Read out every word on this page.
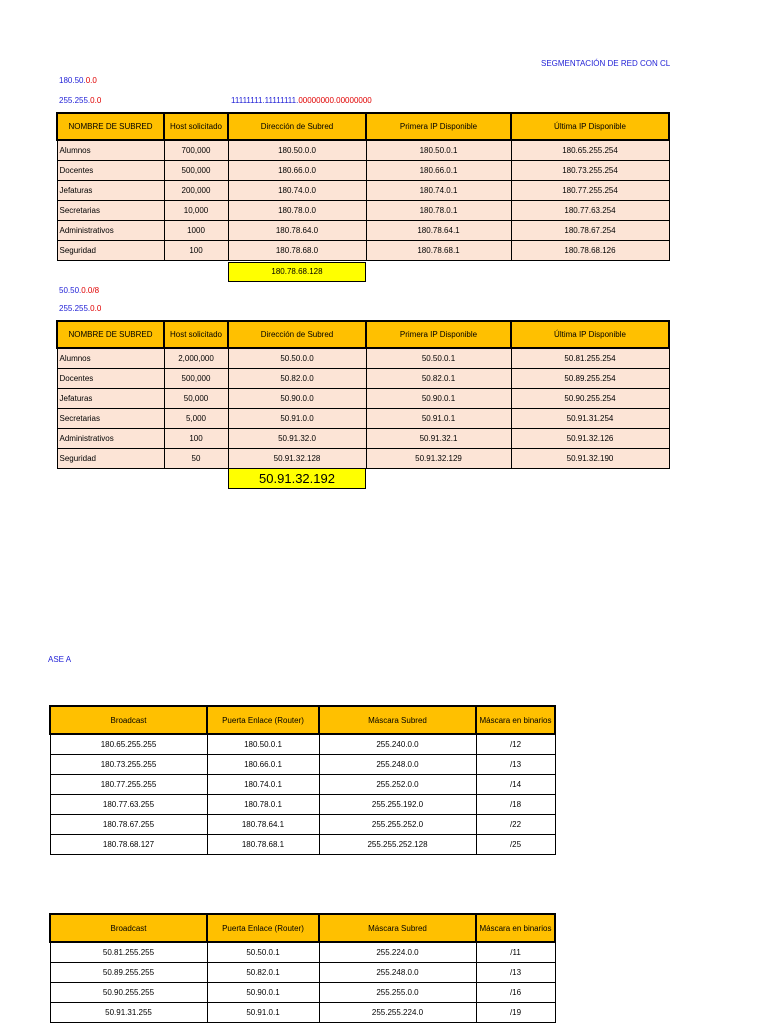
SEGMENTACIÓN DE RED CON CL
ASE A
180.50.0.0
255.255.0.0	11111111.11111111.00000000.00000000
NOMBRE DE SUBRED	Host solicitado	Dirección de Subred	Primera IP Disponible	Última IP Disponible
Alumnos	700,000	180.50.0.0	180.50.0.1	180.65.255.254
Docentes	500,000	180.66.0.0	180.66.0.1	180.73.255.254
Jefaturas	200,000	180.74.0.0	180.74.0.1	180.77.255.254
Secretarias	10,000	180.78.0.0	180.78.0.1	180.77.63.254
Administrativos	1000	180.78.64.0	180.78.64.1	180.78.67.254
Seguridad	100	180.78.68.0	180.78.68.1	180.78.68.126
180.78.68.128
50.50.0.0/8
255.255.0.0
NOMBRE DE SUBRED	Host solicitado	Dirección de Subred	Primera IP Disponible	Última IP Disponible
Alumnos	2,000,000	50.50.0.0	50.50.0.1	50.81.255.254
Docentes	500,000	50.82.0.0	50.82.0.1	50.89.255.254
Jefaturas	50,000	50.90.0.0	50.90.0.1	50.90.255.254
Secretarias	5,000	50.91.0.0	50.91.0.1	50.91.31.254
Administrativos	100	50.91.32.0	50.91.32.1	50.91.32.126
Seguridad	50	50.91.32.128	50.91.32.129	50.91.32.190
50.91.32.192
Broadcast	Puerta Enlace (Router)	Máscara Subred	Máscara en binarios
180.65.255.255	180.50.0.1	255.240.0.0	/12
180.73.255.255	180.66.0.1	255.248.0.0	/13
180.77.255.255	180.74.0.1	255.252.0.0	/14
180.77.63.255	180.78.0.1	255.255.192.0	/18
180.78.67.255	180.78.64.1	255.255.252.0	/22
180.78.68.127	180.78.68.1	255.255.252.128	/25
Broadcast	Puerta Enlace (Router)	Máscara Subred	Máscara en binarios
50.81.255.255	50.50.0.1	255.224.0.0	/11
50.89.255.255	50.82.0.1	255.248.0.0	/13
50.90.255.255	50.90.0.1	255.255.0.0	/16
50.91.31.255	50.91.0.1	255.255.224.0	/19
